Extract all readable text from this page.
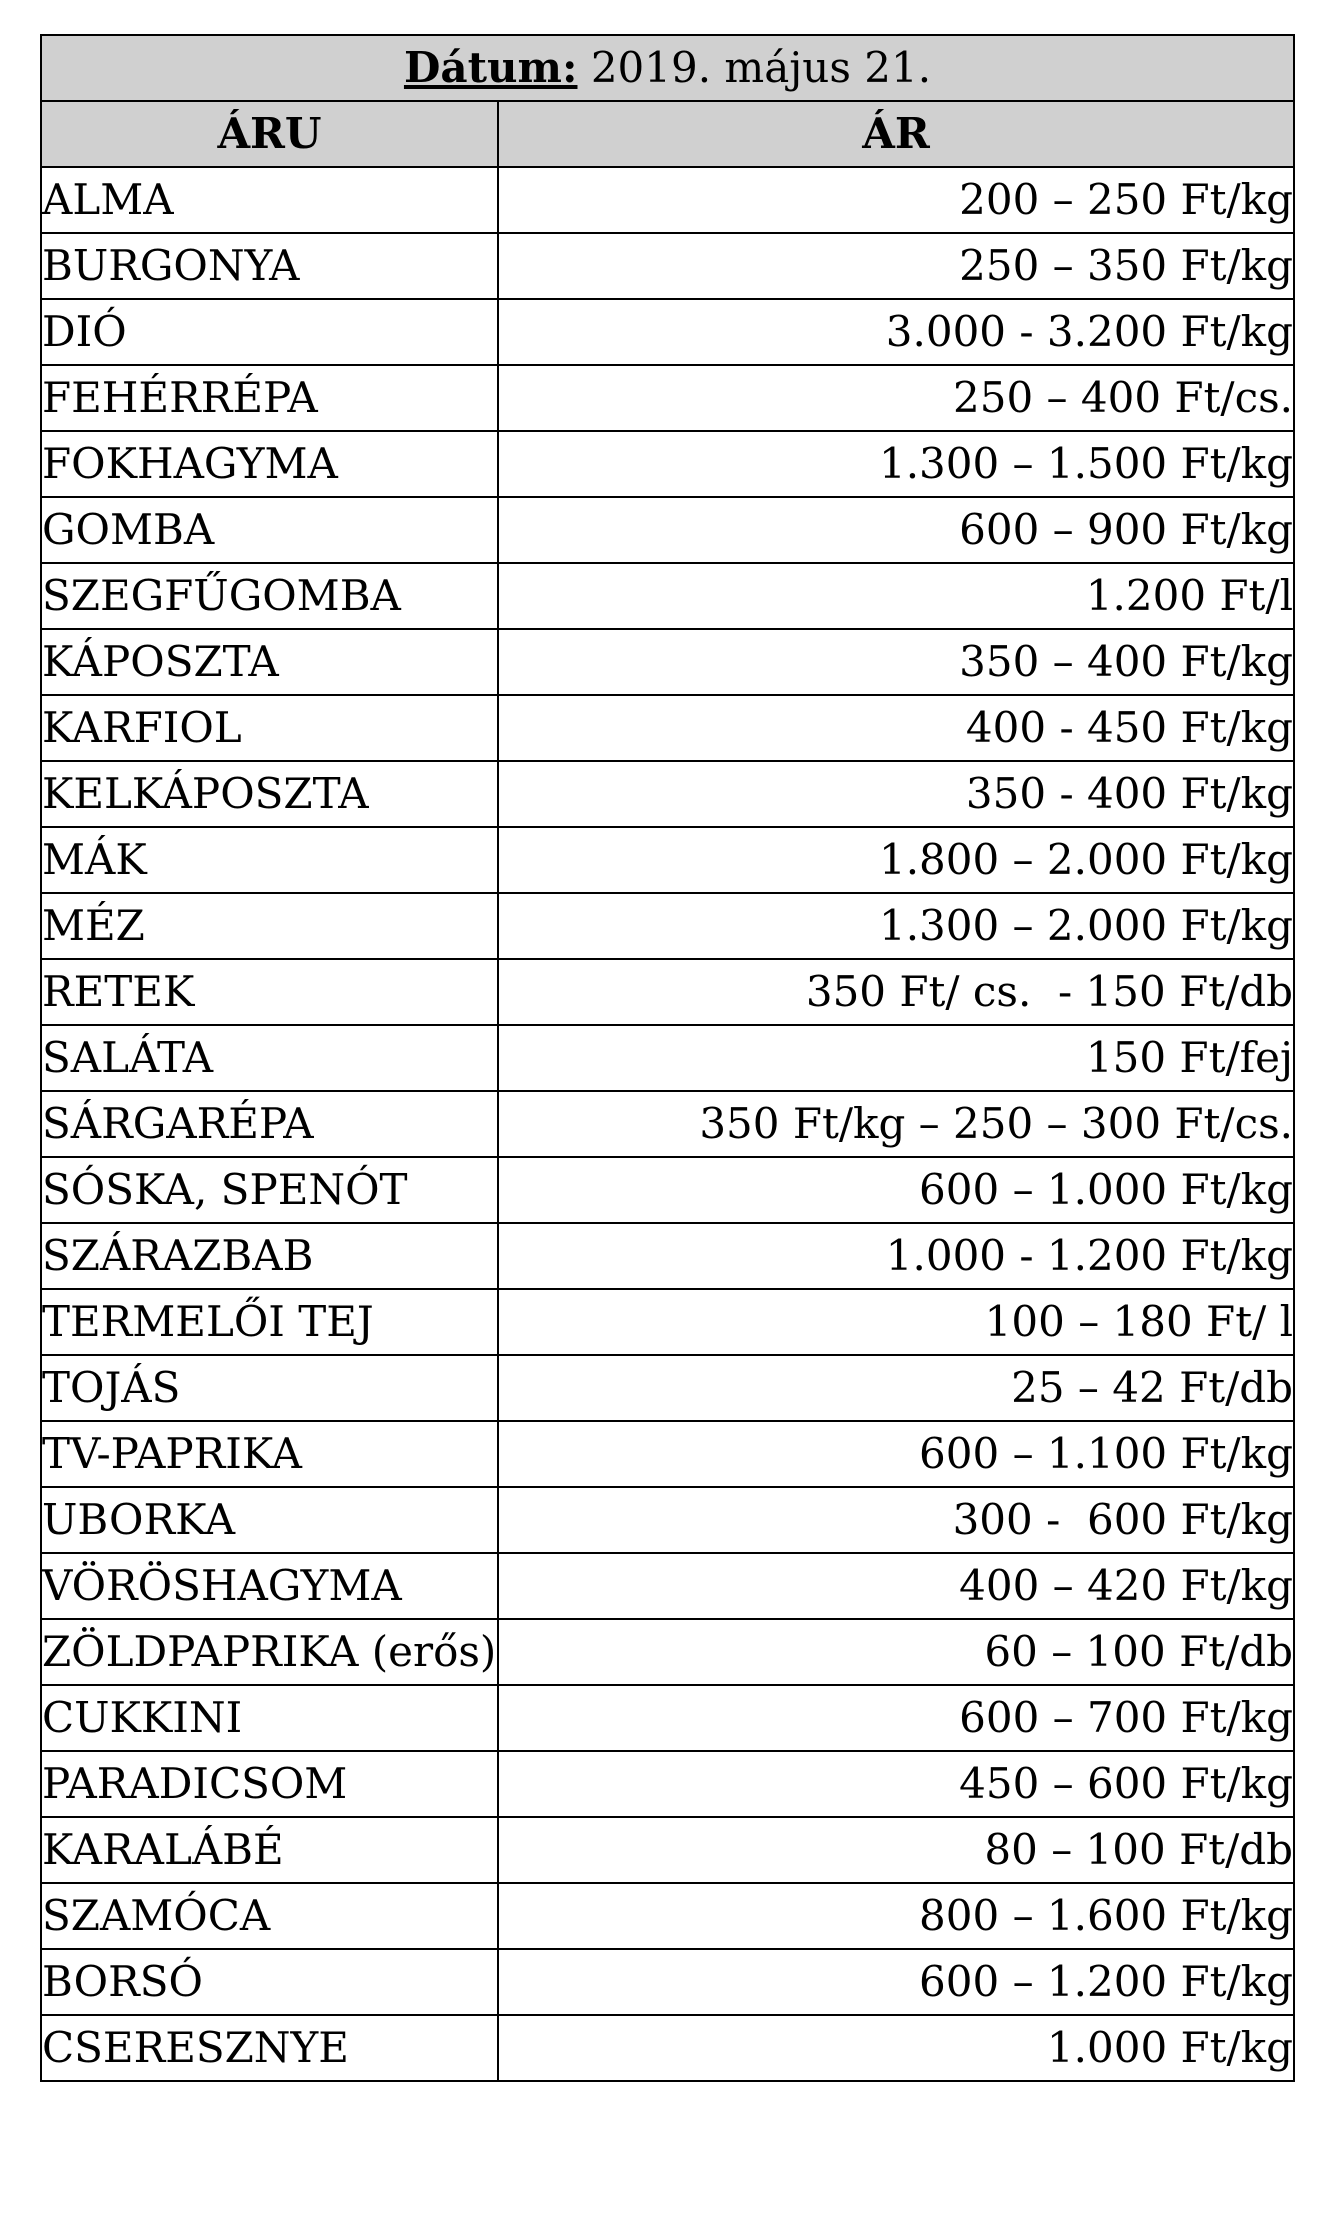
Dátum: 2019. május 21.	
ÁRU	ÁR
ALMA	200 – 250 Ft/kg
BURGONYA	250 – 350 Ft/kg
DIÓ	3.000 - 3.200 Ft/kg
FEHÉRRÉPA	250 – 400 Ft/cs.
FOKHAGYMA	1.300 – 1.500 Ft/kg
GOMBA	600 – 900 Ft/kg
SZEGFŰGOMBA	1.200 Ft/l
KÁPOSZTA	350 – 400 Ft/kg
KARFIOL	400 - 450 Ft/kg
KELKÁPOSZTA	350 - 400 Ft/kg
MÁK	1.800 – 2.000 Ft/kg
MÉZ	1.300 – 2.000 Ft/kg
RETEK	350 Ft/ cs.  - 150 Ft/db
SALÁTA	150 Ft/fej
SÁRGARÉPA	350 Ft/kg – 250 – 300 Ft/cs.
SÓSKA, SPENÓT	600 – 1.000 Ft/kg
SZÁRAZBAB	1.000 - 1.200 Ft/kg
TERMELŐI TEJ	100 – 180 Ft/ l
TOJÁS	25 – 42 Ft/db
TV-PAPRIKA	600 – 1.100 Ft/kg
UBORKA	300 -  600 Ft/kg
VÖRÖSHAGYMA	400 – 420 Ft/kg
ZÖLDPAPRIKA (erős)	60 – 100 Ft/db
CUKKINI	600 – 700 Ft/kg
PARADICSOM	450 – 600 Ft/kg
KARALÁBÉ	80 – 100 Ft/db
SZAMÓCA	800 – 1.600 Ft/kg
BORSÓ	600 – 1.200 Ft/kg
CSERESZNYE	1.000 Ft/kg
